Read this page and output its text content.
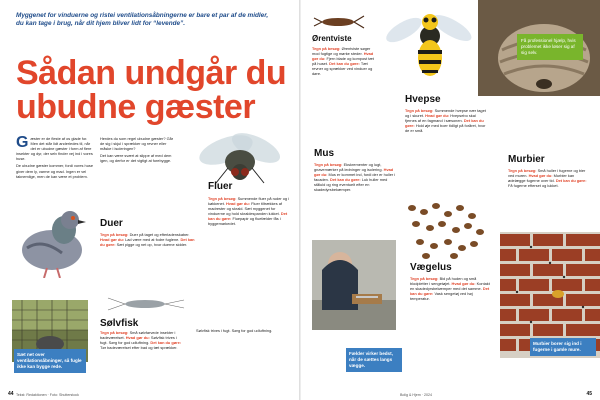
Myggenet for vinduerne og ristei ventilationsåbningerne er bare et par af de midler, du kan tage i brug, når dit hjem bliver lidt for “levende”.
Sådan undgår du ubudne gæster
G æster er de fleste af os glade for. Men det står lidt anderledes til, når det er ubudne gæster i form af flere insekter og dyr, der selv finder vej ind i vores huse.

De ubudne gæster kommer, fordi vores huse giver dem ly, varme og mad. Ingen er vel taknemlige, men de kan være et problem.

Herdes du som regel ubudne gæster? Går de sig i skjul i sprækker og revner eller måske i isoleringen?

Det kan være svært at slippe af med dem igen, og derfor er det vigtigt at forebygge.

Fluer
Tegn på besøg: Summende fluer på ruder og i køkkenet. Hvad gør du: Fluer tiltrækkes af madrester og skrald. Sæt myggenet for vinduerne og hold skraldespanden lukket. Det kan du gøre: Fluepapir og fluefælder fås i byggemarkedet.
Duer
Tegn på besøg: Duer på taget og efterladenskaber. Hvad gør du: Lad være med at fodre fuglene. Det kan du gøre: Sæt pigge og net op, hvor duerne sidder.
Sæt net over ventilationsåbninger, så fugle ikke kan bygge rede.
Sølvfisk
Tegn på besøg: Små sølvfarvede insekter i badeværelset. Hvad gør du: Sølvfisk trives i fugt. Sørg for god udluftning. Det kan du gøre: Tør badeværelset efter bad og tæt sprækker.

Sølvfisk trives i fugt. Sørg for god udluftning.

Tekst: Redaktionen · Foto: Shutterstock
44
Ørentviste
Tegn på besøg: Ørentviste søger mod fugtige og mørke steder. Hvad gør du: Fjern blade og kompost tæt på huset. Det kan du gøre: Tæt revner og sprækker ved vinduer og døre.
Få professionel hjælp, hvis problemet ikke løser sig af sig selv.
Hvepse
Tegn på besøg: Summende hvepse nær taget og i skuret. Hvad gør du: Hvepsebo skal fjernes af en fagmand i sæsonen. Det kan du gøre: Hold øje med boer tidligt på foråret, hvor de er små.
Mus
Tegn på besøg: Ekskrementer og lugt, gnavemærker på ledninger og isolering. Hvad gør du: Mus er kommet ind, fordi der er huller i facaden. Det kan du gøre: Luk huller med ståluld og ring eventuelt efter en skadedyrsbekæmper.
Fælder virker bedst, når de sættes langs vægge.
Vægelus
Tegn på besøg: Bid på huden og små blodpletter i sengetøjet. Hvad gør du: Kontakt en skadedyrsbekæmper med det samme. Det kan du gøre: Vask sengetøj ved høj temperatur.
Murbier
Tegn på besøg: Små huller i fugerne og bier ved muren. Hvad gør du: Murbier kan ødelægge fugerne over tid. Det kan du gøre: Få fugerne efterset og lukket.
Murbier borer sig ind i fugerne i gamle mure.
Bolig & Hjem · 2024	45
